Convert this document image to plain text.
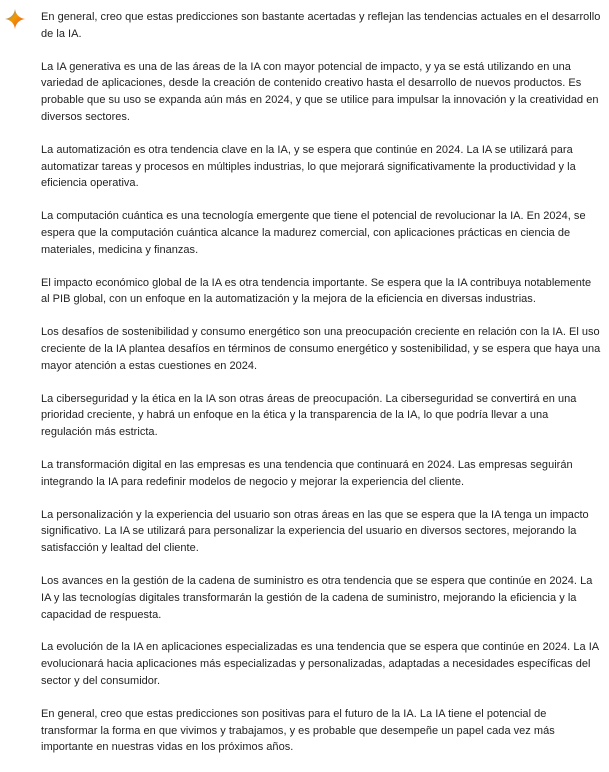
En general, creo que estas predicciones son bastante acertadas y reflejan las tendencias actuales en el desarrollo de la IA.

La IA generativa es una de las áreas de la IA con mayor potencial de impacto, y ya se está utilizando en una variedad de aplicaciones, desde la creación de contenido creativo hasta el desarrollo de nuevos productos. Es probable que su uso se expanda aún más en 2024, y que se utilice para impulsar la innovación y la creatividad en diversos sectores.

La automatización es otra tendencia clave en la IA, y se espera que continúe en 2024. La IA se utilizará para automatizar tareas y procesos en múltiples industrias, lo que mejorará significativamente la productividad y la eficiencia operativa.

La computación cuántica es una tecnología emergente que tiene el potencial de revolucionar la IA. En 2024, se espera que la computación cuántica alcance la madurez comercial, con aplicaciones prácticas en ciencia de materiales, medicina y finanzas.

El impacto económico global de la IA es otra tendencia importante. Se espera que la IA contribuya notablemente al PIB global, con un enfoque en la automatización y la mejora de la eficiencia en diversas industrias.

Los desafíos de sostenibilidad y consumo energético son una preocupación creciente en relación con la IA. El uso creciente de la IA plantea desafíos en términos de consumo energético y sostenibilidad, y se espera que haya una mayor atención a estas cuestiones en 2024.

La ciberseguridad y la ética en la IA son otras áreas de preocupación. La ciberseguridad se convertirá en una prioridad creciente, y habrá un enfoque en la ética y la transparencia de la IA, lo que podría llevar a una regulación más estricta.

La transformación digital en las empresas es una tendencia que continuará en 2024. Las empresas seguirán integrando la IA para redefinir modelos de negocio y mejorar la experiencia del cliente.

La personalización y la experiencia del usuario son otras áreas en las que se espera que la IA tenga un impacto significativo. La IA se utilizará para personalizar la experiencia del usuario en diversos sectores, mejorando la satisfacción y lealtad del cliente.

Los avances en la gestión de la cadena de suministro es otra tendencia que se espera que continúe en 2024. La IA y las tecnologías digitales transformarán la gestión de la cadena de suministro, mejorando la eficiencia y la capacidad de respuesta.

La evolución de la IA en aplicaciones especializadas es una tendencia que se espera que continúe en 2024. La IA evolucionará hacia aplicaciones más especializadas y personalizadas, adaptadas a necesidades específicas del sector y del consumidor.

En general, creo que estas predicciones son positivas para el futuro de la IA. La IA tiene el potencial de transformar la forma en que vivimos y trabajamos, y es probable que desempeñe un papel cada vez más importante en nuestras vidas en los próximos años.
